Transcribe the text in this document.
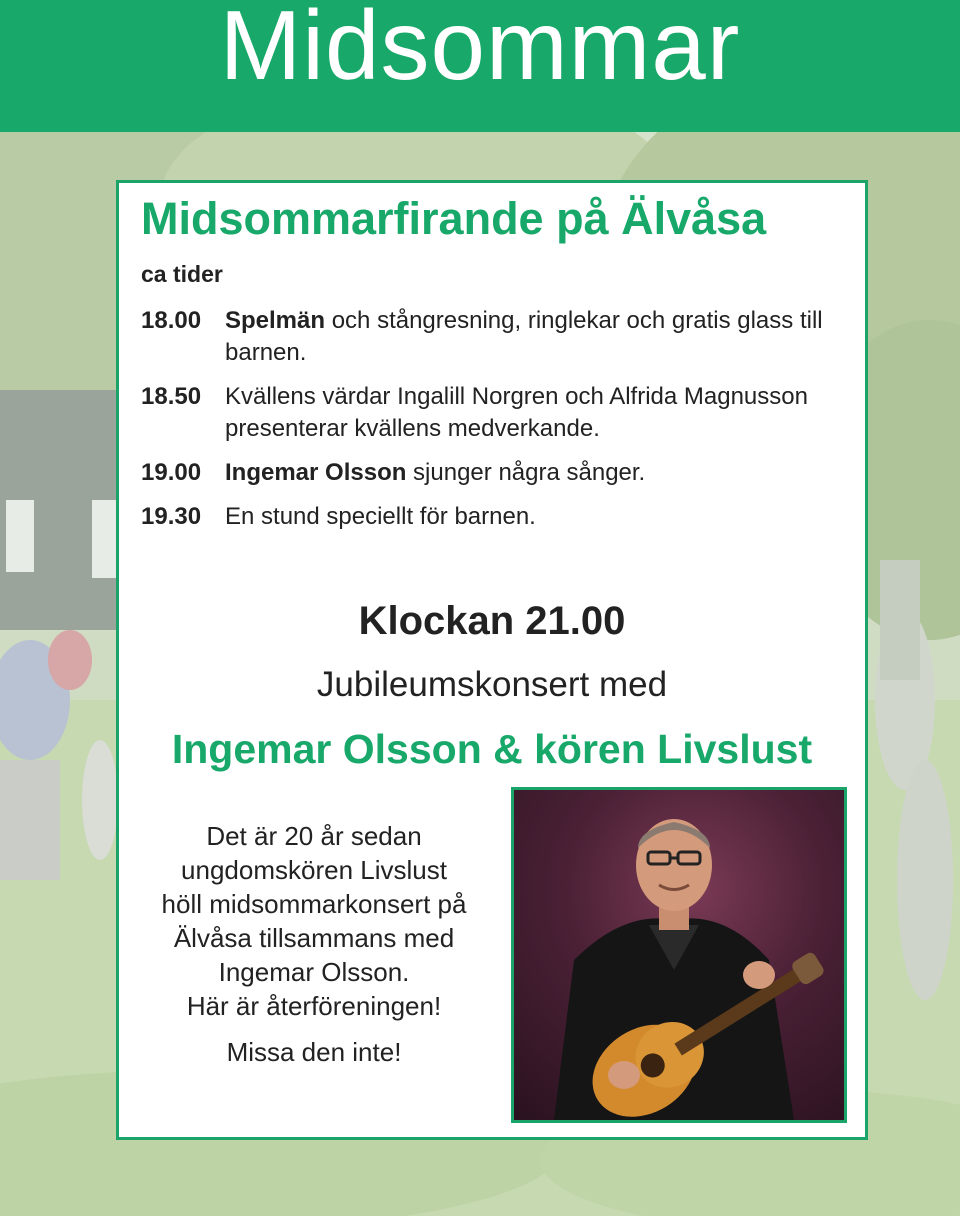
Midsommar
Midsommarfirande på Älvåsa
ca tider
18.00 Spelmän och stångresning, ringlekar och gratis glass till barnen.
18.50 Kvällens värdar Ingalill Norgren och Alfrida Magnusson presenterar kvällens medverkande.
19.00 Ingemar Olsson sjunger några sånger.
19.30 En stund speciellt för barnen.
Klockan 21.00
Jubileumskonsert med
Ingemar Olsson & kören Livslust
Det är 20 år sedan
ungdomskören Livslust
höll midsommarkonsert på
Älvåsa tillsammans med
Ingemar Olsson.
Här är återföreningen!
Missa den inte!
